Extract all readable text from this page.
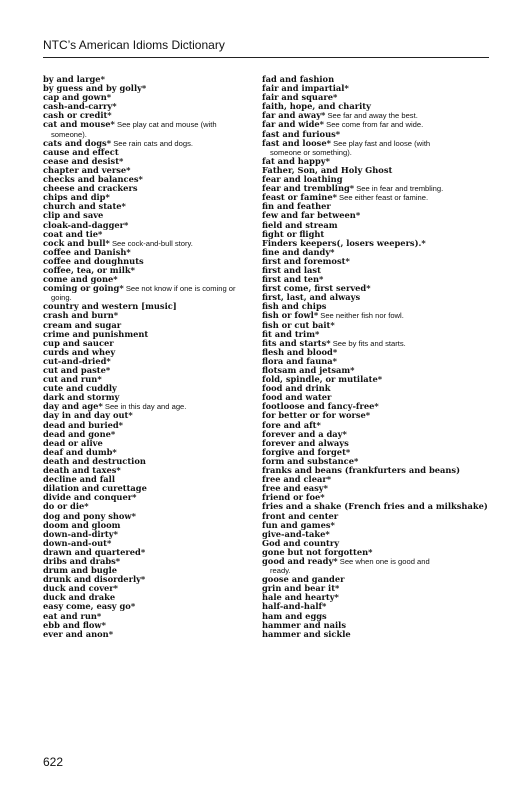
NTC’s American Idioms Dictionary
by and large*
by guess and by golly*
cap and gown*
cash-and-carry*
cash or credit*
cat and mouse* See play cat and mouse (with
someone).
cats and dogs* See rain cats and dogs.
cause and effect
cease and desist*
chapter and verse*
checks and balances*
cheese and crackers
chips and dip*
church and state*
clip and save
cloak-and-dagger*
coat and tie*
cock and bull* See cock-and-bull story.
coffee and Danish*
coffee and doughnuts
coffee, tea, or milk*
come and gone*
coming or going* See not know if one is coming or
going.
country and western [music]
crash and burn*
cream and sugar
crime and punishment
cup and saucer
curds and whey
cut-and-dried*
cut and paste*
cut and run*
cute and cuddly
dark and stormy
day and age* See in this day and age.
day in and day out*
dead and buried*
dead and gone*
dead or alive
deaf and dumb*
death and destruction
death and taxes*
decline and fall
dilation and curettage
divide and conquer*
do or die*
dog and pony show*
doom and gloom
down-and-dirty*
down-and-out*
drawn and quartered*
dribs and drabs*
drum and bugle
drunk and disorderly*
duck and cover*
duck and drake
easy come, easy go*
eat and run*
ebb and flow*
ever and anon*
fad and fashion
fair and impartial*
fair and square*
faith, hope, and charity
far and away* See far and away the best.
far and wide* See come from far and wide.
fast and furious*
fast and loose* See play fast and loose (with
someone or something).
fat and happy*
Father, Son, and Holy Ghost
fear and loathing
fear and trembling* See in fear and trembling.
feast or famine* See either feast or famine.
fin and feather
few and far between*
field and stream
fight or flight
Finders keepers(, losers weepers).*
fine and dandy*
first and foremost*
first and last
first and ten*
first come, first served*
first, last, and always
fish and chips
fish or fowl* See neither fish nor fowl.
fish or cut bait*
fit and trim*
fits and starts* See by fits and starts.
flesh and blood*
flora and fauna*
flotsam and jetsam*
fold, spindle, or mutilate*
food and drink
food and water
footloose and fancy-free*
for better or for worse*
fore and aft*
forever and a day*
forever and always
forgive and forget*
form and substance*
franks and beans (frankfurters and beans)
free and clear*
free and easy*
friend or foe*
fries and a shake (French fries and a milkshake)
front and center
fun and games*
give-and-take*
God and country
gone but not forgotten*
good and ready* See when one is good and
ready.
goose and gander
grin and bear it*
hale and hearty*
half-and-half*
ham and eggs
hammer and nails
hammer and sickle
622
